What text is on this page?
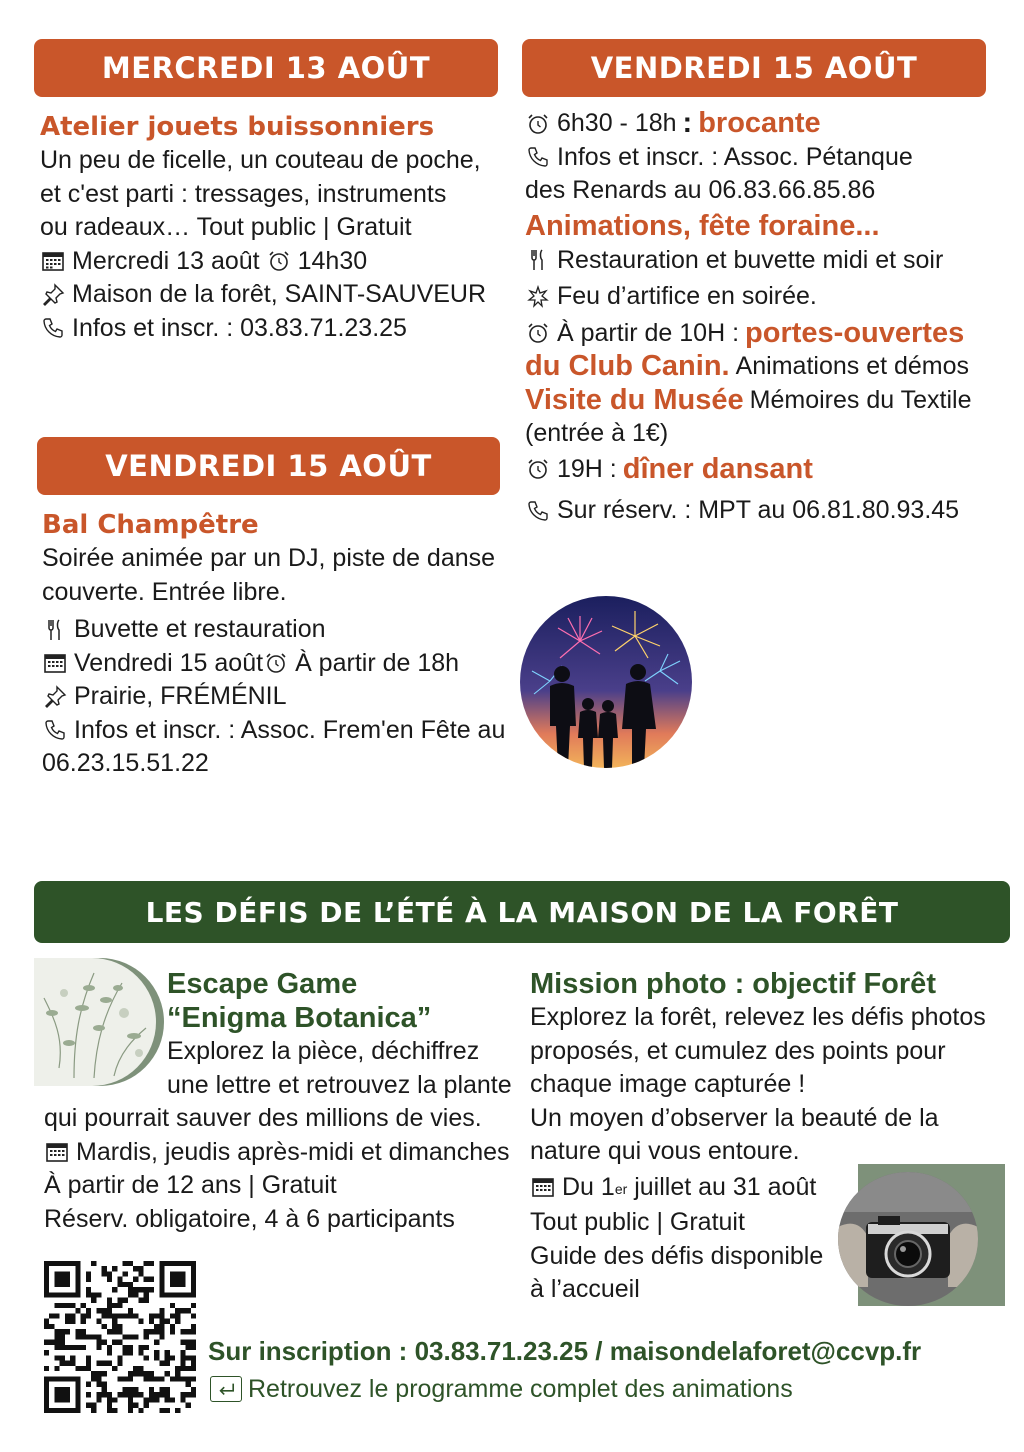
MERCREDI 13 AOÛT
Atelier jouets buissonniers
Un peu de ficelle, un couteau de poche,
et c'est parti : tressages, instruments
ou radeaux… Tout public | Gratuit
Mercredi 13 août 14h30
Maison de la forêt, SAINT-SAUVEUR
Infos et inscr. : 03.83.71.23.25
VENDREDI 15 AOÛT
Bal Champêtre
Soirée animée par un DJ, piste de danse
couverte. Entrée libre.
Buvette et restauration
Vendredi 15 août À partir de 18h
Prairie, FRÉMÉNIL
Infos et inscr. : Assoc. Frem'en Fête au
06.23.15.51.22
VENDREDI 15 AOÛT
6h30 - 18h : brocante
Infos et inscr. : Assoc. Pétanque
des Renards au 06.83.66.85.86
Animations, fête foraine...
Restauration et buvette midi et soir
Feu d’artifice en soirée.
À partir de 10H : portes-ouvertes
du Club Canin. Animations et démos
Visite du Musée Mémoires du Textile
(entrée à 1€)
19H : dîner dansant
Sur réserv. : MPT au 06.81.80.93.45
LES DÉFIS DE L’ÉTÉ À LA MAISON DE LA FORÊT
Escape Game
“Enigma Botanica”
Explorez la pièce, déchiffrez
une lettre et retrouvez la plante
qui pourrait sauver des millions de vies.
Mardis, jeudis après-midi et dimanches
À partir de 12 ans | Gratuit
Réserv. obligatoire, 4 à 6 participants
Mission photo : objectif Forêt
Explorez la forêt, relevez les défis photos
proposés, et cumulez des points pour
chaque image capturée !
Un moyen d’observer la beauté de la
nature qui vous entoure.
Du 1 er juillet au 31 août
Tout public | Gratuit
Guide des défis disponible
à l’accueil
Sur inscription : 03.83.71.23.25 / maisondelaforet@ccvp.fr
Retrouvez le programme complet des animations
